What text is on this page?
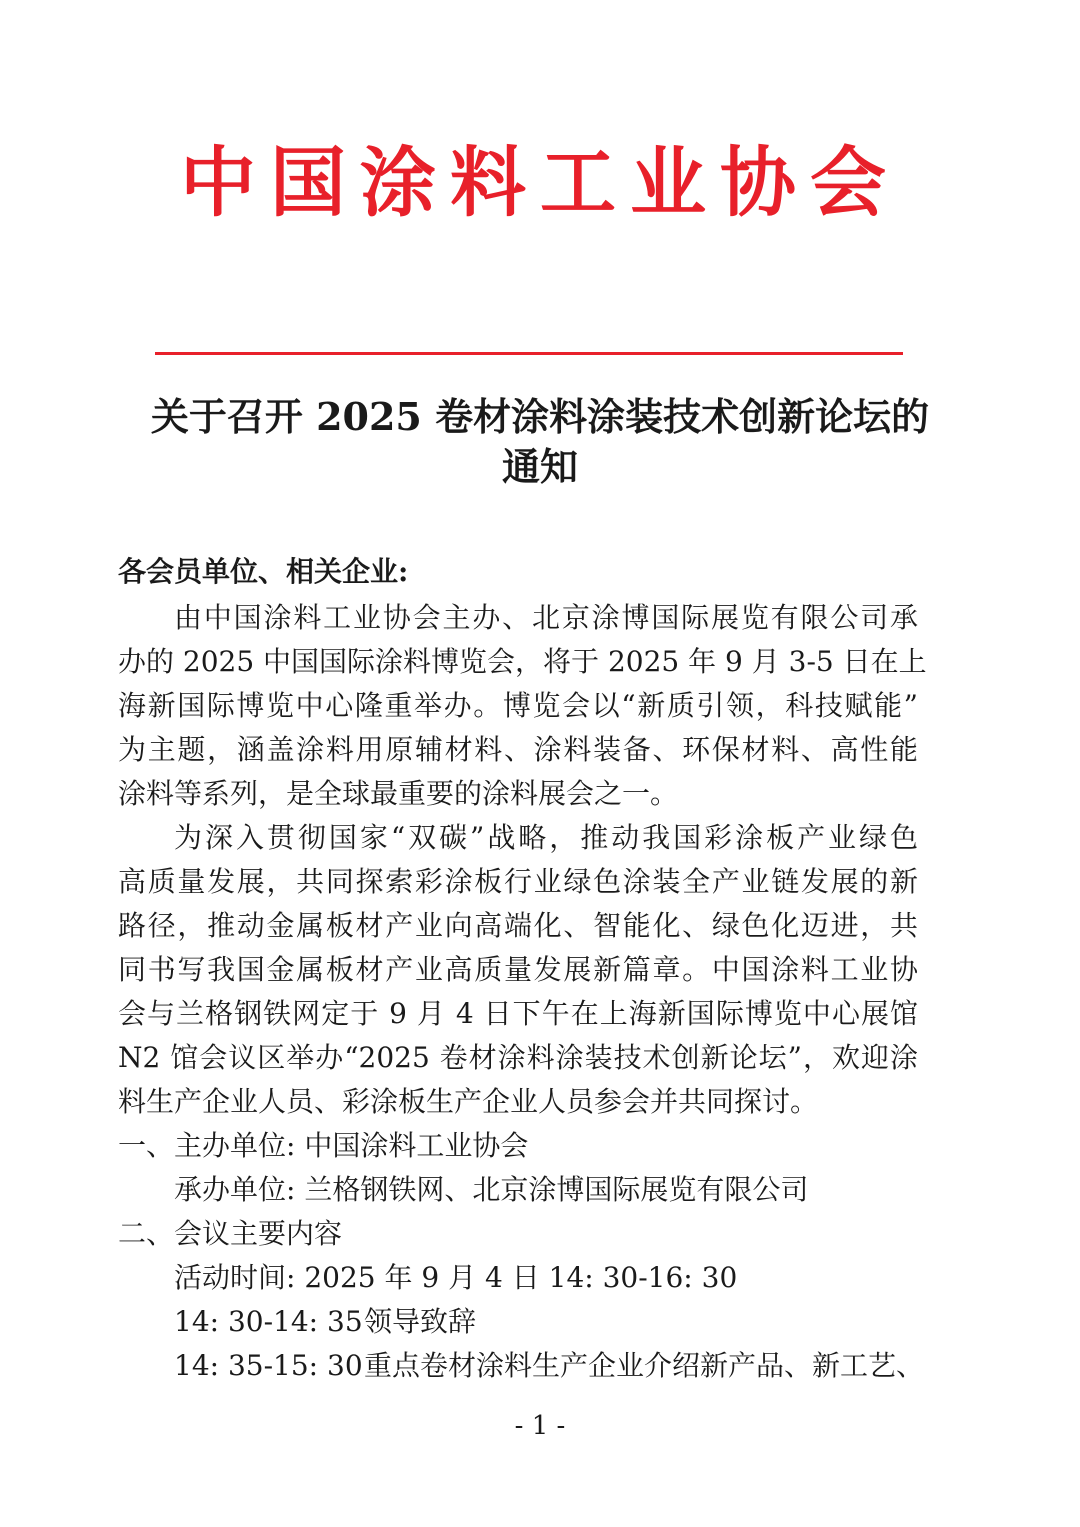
中国涂料工业协会
关于召开 2025 卷材涂料涂装技术创新论坛的
通知
各会员单位、相关企业:
由中国涂料工业协会主办、北京涂博国际展览有限公司承
办的 2025 中国国际涂料博览会，将于 2025 年 9 月 3-5 日在上
海新国际博览中心隆重举办。博览会以“新质引领，科技赋能”
为主题，涵盖涂料用原辅材料、涂料装备、环保材料、高性能
涂料等系列，是全球最重要的涂料展会之一。
为深入贯彻国家“双碳”战略，推动我国彩涂板产业绿色
高质量发展，共同探索彩涂板行业绿色涂装全产业链发展的新
路径，推动金属板材产业向高端化、智能化、绿色化迈进，共
同书写我国金属板材产业高质量发展新篇章。中国涂料工业协
会与兰格钢铁网定于 9 月 4 日下午在上海新国际博览中心展馆
N2 馆会议区举办“2025 卷材涂料涂装技术创新论坛”，欢迎涂
料生产企业人员、彩涂板生产企业人员参会并共同探讨。
一、主办单位: 中国涂料工业协会
承办单位: 兰格钢铁网、北京涂博国际展览有限公司
二、会议主要内容
活动时间: 2025 年 9 月 4 日 14: 30-16: 30
14: 30-14: 35领导致辞
14: 35-15: 30重点卷材涂料生产企业介绍新产品、新工艺、
- 1 -
